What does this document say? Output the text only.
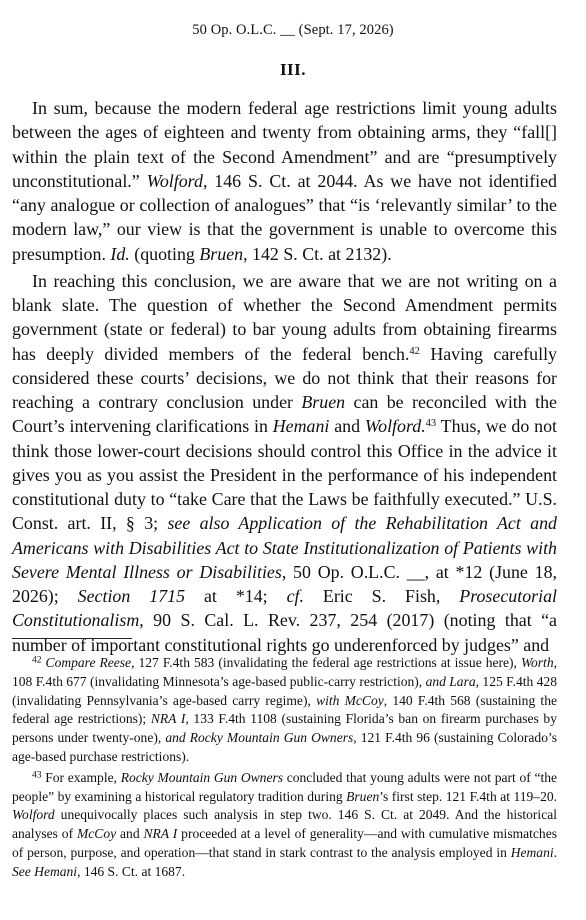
50 Op. O.L.C. __ (Sept. 17, 2026)
III.

In sum, because the modern federal age restrictions limit young adults between the ages of eighteen and twenty from obtaining arms, they “fall[] within the plain text of the Second Amendment” and are “presumptively unconstitutional.” Wolford, 146 S. Ct. at 2044. As we have not identified “any analogue or collection of analogues” that “is ‘relevantly similar’ to the modern law,” our view is that the government is unable to overcome this presumption. Id. (quoting Bruen, 142 S. Ct. at 2132).

In reaching this conclusion, we are aware that we are not writing on a blank slate. The question of whether the Second Amendment permits government (state or federal) to bar young adults from obtaining firearms has deeply divided members of the federal bench.$^{42}$ Having carefully considered these courts’ decisions, we do not think that their reasons for reaching a contrary conclusion under Bruen can be reconciled with the Court’s intervening clarifications in Hemani and Wolford.$^{43}$ Thus, we do not think those lower-court decisions should control this Office in the advice it gives you as you assist the President in the performance of his independent constitutional duty to “take Care that the Laws be faithfully executed.” U.S. Const. art. II, § 3; see also Application of the Rehabilitation Act and Americans with Disabilities Act to State Institutionalization of Patients with Severe Mental Illness or Disabilities, 50 Op. O.L.C. __, at *12 (June 18, 2026); Section 1715 at *14; cf. Eric S. Fish, Prosecutorial Constitutionalism, 90 S. Cal. L. Rev. 237, 254 (2017) (noting that “a number of important constitutional rights go underenforced by judges” and

$^{42}$ Compare Reese, 127 F.4th 583 (invalidating the federal age restrictions at issue here), Worth, 108 F.4th 677 (invalidating Minnesota’s age-based public-carry restriction), and Lara, 125 F.4th 428 (invalidating Pennsylvania’s age-based carry regime), with McCoy, 140 F.4th 568 (sustaining the federal age restrictions); NRA I, 133 F.4th 1108 (sustaining Florida’s ban on firearm purchases by persons under twenty-one), and Rocky Mountain Gun Owners, 121 F.4th 96 (sustaining Colorado’s age-based purchase restrictions).

$^{43}$ For example, Rocky Mountain Gun Owners concluded that young adults were not part of “the people” by examining a historical regulatory tradition during Bruen’s first step. 121 F.4th at 119–20. Wolford unequivocally places such analysis in step two. 146 S. Ct. at 2049. And the historical analyses of McCoy and NRA I proceeded at a level of generality—and with cumulative mismatches of person, purpose, and operation—that stand in stark contrast to the analysis employed in Hemani. See Hemani, 146 S. Ct. at 1687.
